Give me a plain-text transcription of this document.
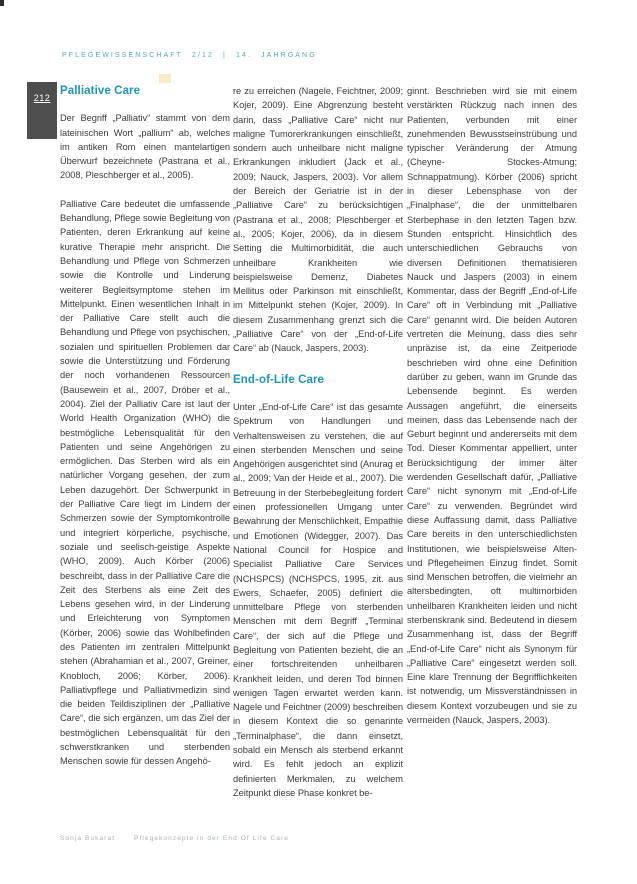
PFLEGEWISSENSCHAFT 2/12 | 14. JAHRGANG
212
Palliative Care

Der Begriff „Palliativ“ stammt von dem lateinischen Wort „pallium“ ab, welches im antiken Rom einen mantelartigen Überwurf bezeichnete (Pastrana et al., 2008, Pleschberger et al., 2005).

Palliative Care bedeutet die umfassende Behandlung, Pflege sowie Begleitung von Patienten, deren Erkrankung auf keine kurative Therapie mehr anspricht. Die Behandlung und Pflege von Schmerzen sowie die Kontrolle und Linderung weiterer Begleitsymptome stehen im Mittelpunkt. Einen wesentlichen Inhalt in der Palliative Care stellt auch die Behandlung und Pflege von psychischen, sozialen und spirituellen Problemen dar sowie die Unterstützung und Förderung der noch vorhandenen Ressourcen (Bausewein et al., 2007, Dröber et al., 2004). Ziel der Palliativ Care ist laut der World Health Organization (WHO) die bestmögliche Lebensqualität für den Patienten und seine Angehörigen zu ermöglichen. Das Sterben wird als ein natürlicher Vorgang gesehen, der zum Leben dazugehört. Der Schwerpunkt in der Palliative Care liegt im Lindern der Schmerzen sowie der Symptomkontrolle und integriert körperliche, psychische, soziale und seelisch-geistige Aspekte (WHO, 2009). Auch Körber (2006) beschreibt, dass in der Palliative Care die Zeit des Sterbens als eine Zeit des Lebens gesehen wird, in der Linderung und Erleichterung von Symptomen (Körber, 2006) sowie das Wohlbefinden des Patienten im zentralen Mittelpunkt stehen (Abrahamian et al., 2007, Greiner, Knobloch, 2006; Körber, 2006). Palliativpflege und Palliativmedizin sind die beiden Teildisziplinen der „Palliative Care“, die sich ergänzen, um das Ziel der bestmöglichen Lebensqualität für den schwerstkranken und sterbenden Menschen sowie für dessen Angehö-

re zu erreichen (Nagele, Feichtner, 2009; Kojer, 2009). Eine Abgrenzung besteht darin, dass „Palliative Care“ nicht nur maligne Tumorerkrankungen einschließt, sondern auch unheilbare nicht maligne Erkrankungen inkludiert (Jack et al., 2009; Nauck, Jaspers, 2003). Vor allem der Bereich der Geriatrie ist in der „Palliative Care“ zu berücksichtigen (Pastrana et al., 2008; Pleschberger et al., 2005; Kojer, 2006), da in diesem Setting die Multimorbidität, die auch unheilbare Krankheiten wie beispielsweise Demenz, Diabetes Mellitus oder Parkinson mit einschließt, im Mittelpunkt stehen (Kojer, 2009). In diesem Zusammenhang grenzt sich die „Palliative Care“ von der „End-of-Life Care“ ab (Nauck, Jaspers, 2003).

End-of-Life Care

Unter „End-of-Life Care“ ist das gesamte Spektrum von Handlungen und Verhaltensweisen zu verstehen, die auf einen sterbenden Menschen und seine Angehörigen ausgerichtet sind (Anurag et al., 2009; Van der Heide et al., 2007). Die Betreuung in der Sterbebegleitung fordert einen professionellen Umgang unter Bewahrung der Menschlichkeit, Empathie und Emotionen (Widegger, 2007). Das National Council for Hospice and Specialist Palliative Care Services (NCHSPCS) (NCHSPCS, 1995, zit. aus Ewers, Schaefer, 2005) definiert die unmittelbare Pflege von sterbenden Menschen mit dem Begriff „Terminal Care“, der sich auf die Pflege und Begleitung von Patienten bezieht, die an einer fortschreitenden unheilbaren Krankheit leiden, und deren Tod binnen wenigen Tagen erwartet werden kann. Nagele und Feichtner (2009) beschreiben in diesem Kontext die so genannte „Terminalphase“, die dann einsetzt, sobald ein Mensch als sterbend erkannt wird. Es fehlt jedoch an explizit definierten Merkmalen, zu welchem Zeitpunkt diese Phase konkret be-

ginnt. Beschrieben wird sie mit einem verstärkten Rückzug nach innen des Patienten, verbunden mit einer zunehmenden Bewusstseinstrübung und typischer Veränderung der Atmung (Cheyne- Stockes-Atmung; Schnappatmung). Körber (2006) spricht in dieser Lebensphase von der „Finalphase“, die der unmittelbaren Sterbephase in den letzten Tagen bzw. Stunden entspricht. Hinsichtlich des unterschiedlichen Gebrauchs von diversen Definitionen thematisieren Nauck und Jaspers (2003) in einem Kommentar, dass der Begriff „End-of-Life Care“ oft in Verbindung mit „Palliative Care“ genannt wird. Die beiden Autoren vertreten die Meinung, dass dies sehr unpräzise ist, da eine Zeitperiode beschrieben wird ohne eine Definition darüber zu geben, wann im Grunde das Lebensende beginnt. Es werden Aussagen angeführt, die einerseits meinen, dass das Lebensende nach der Geburt beginnt und andererseits mit dem Tod. Dieser Kommentar appelliert, unter Berücksichtigung der immer älter werdenden Gesellschaft dafür, „Palliative Care“ nicht synonym mit „End-of-Life Care“ zu verwenden. Begründet wird diese Auffassung damit, dass Palliative Care bereits in den unterschiedlichsten Institutionen, wie beispielsweise Alten- und Pflegeheimen Einzug findet. Somit sind Menschen betroffen, die vielmehr an altersbedingten, oft multimorbiden unheilbaren Krankheiten leiden und nicht sterbenskrank sind. Bedeutend in diesem Zusammenhang ist, dass der Begriff „End-of-Life Care“ nicht als Synonym für „Palliative Care“ eingesetzt werden soll. Eine klare Trennung der Begrifflichkeiten ist notwendig, um Missverständnissen in diesem Kontext vorzubeugen und sie zu vermeiden (Nauck, Jaspers, 2003).

Sonja Bukarat	Pflegekonzepte in der End Of Life Care
